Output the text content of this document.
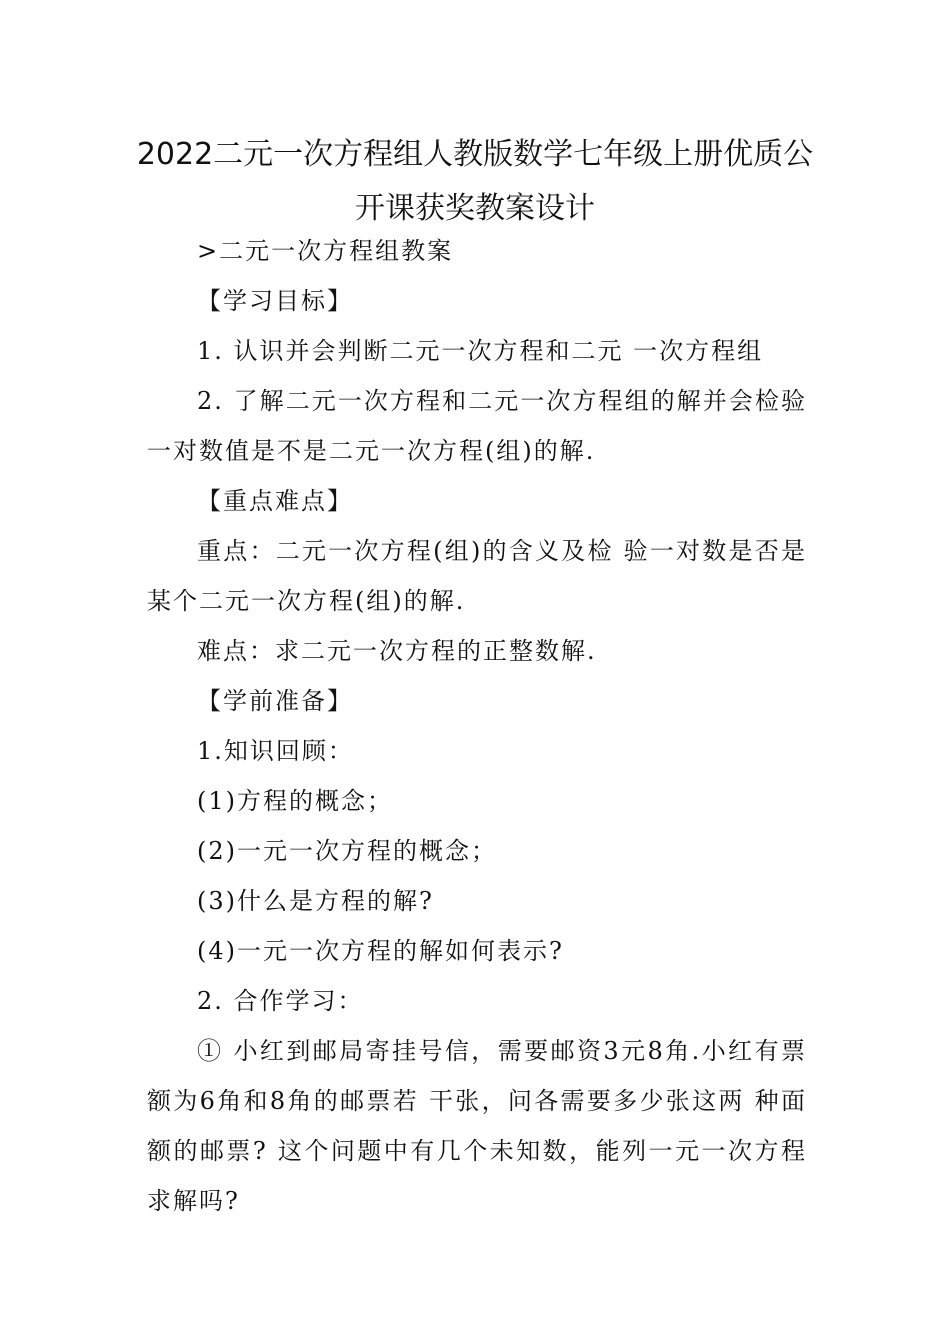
2022二元一次方程组人教版数学七年级上册优质公开课获奖教案设计

>二元一次方程组教案

【学习目标】

1. 认识并会判断二元一次方程和二元 一次方程组

2. 了解二元一次方程和二元一次方程组的解并会检验一对数值是不是二元一次方程(组)的解.

【重点难点】

重点：二元一次方程(组)的含义及检 验一对数是否是某个二元一次方程(组)的解.

难点：求二元一次方程的正整数解.

【学前准备】

1.知识回顾：

(1)方程的概念；

(2)一元一次方程的概念；

(3)什么是方程的解?

(4)一元一次方程的解如何表示?

2. 合作学习：

① 小红到邮局寄挂号信，需要邮资3元8角.小红有票额为6角和8角的邮票若 干张，问各需要多少张这两 种面额的邮票? 这个问题中有几个未知数，能列一元一次方程求解吗?
